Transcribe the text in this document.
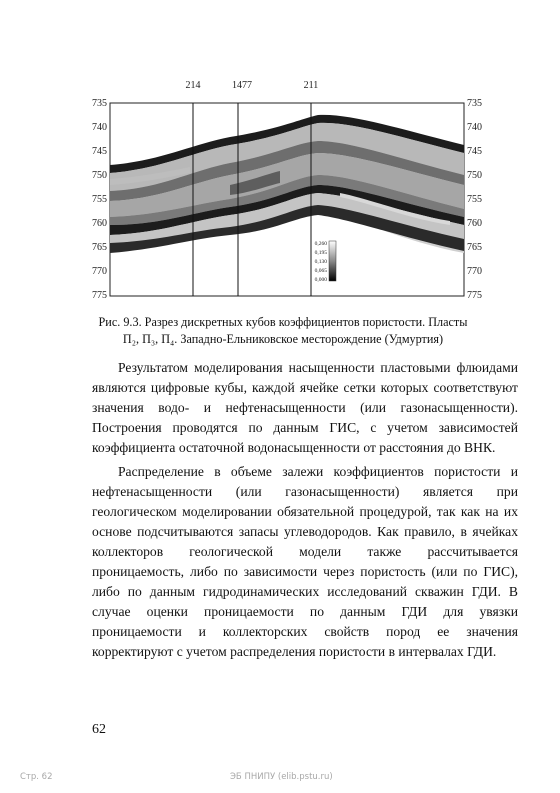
735
740
745
750
755
760
765
770
775
735
740
745
750
755
760
765
770
775
214	1477	211
0,260
0,195
0,130
0,065
0,000
Рис. 9.3. Разрез дискретных кубов коэффициентов пористости. Пласты
П₂, П₃, П₄. Западно-Ельниковское месторождение (Удмуртия)

Результатом моделирования насыщенности пластовыми флюидами являются цифровые кубы, каждой ячейке сетки которых соответствуют значения водо- и нефтенасыщенности (или газонасыщенности). Построения проводятся по данным ГИС, с учетом зависимостей коэффициента остаточной водонасыщенности от расстояния до ВНК.

Распределение в объеме залежи коэффициентов пористости и нефтенасыщенности (или газонасыщенности) является при геологическом моделировании обязательной процедурой, так как на их основе подсчитываются запасы углеводородов. Как правило, в ячейках коллекторов геологической модели также рассчитывается проницаемость, либо по зависимости через пористость (или по ГИС), либо по данным гидродинамических исследований скважин ГДИ. В случае оценки проницаемости по данным ГДИ для увязки проницаемости и коллекторских свойств пород ее значения корректируют с учетом распределения пористости в интервалах ГДИ.

62
Стр. 62	ЭБ ПНИПУ (elib.pstu.ru)
